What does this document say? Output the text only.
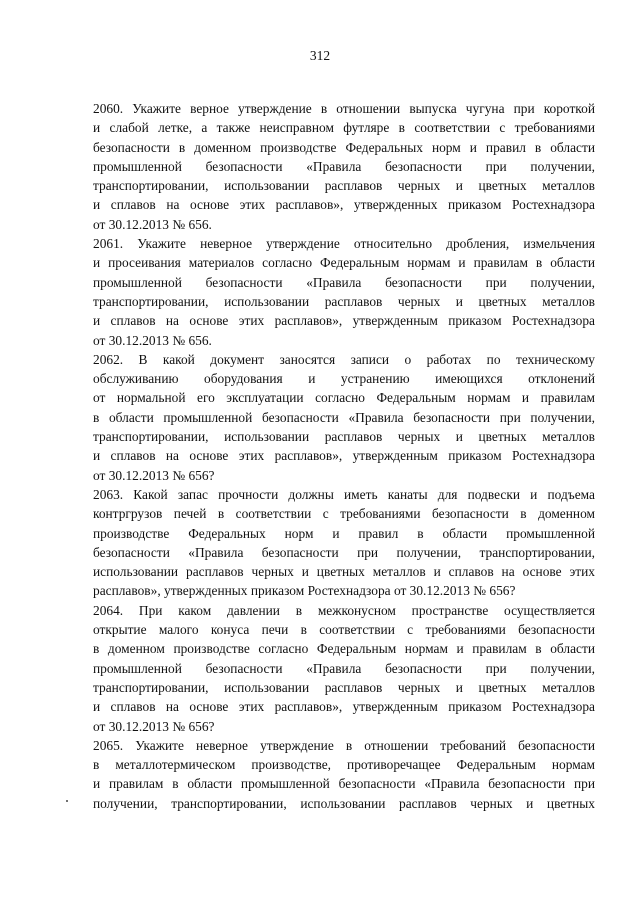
312

2060. Укажите верное утверждение в отношении выпуска чугуна при короткой
и слабой летке, а также неисправном футляре в соответствии с требованиями
безопасности в доменном производстве Федеральных норм и правил в области
промышленной безопасности «Правила безопасности при получении,
транспортировании, использовании расплавов черных и цветных металлов
и сплавов на основе этих расплавов», утвержденных приказом Ростехнадзора
от 30.12.2013 № 656.

2061. Укажите неверное утверждение относительно дробления, измельчения
и просеивания материалов согласно Федеральным нормам и правилам в области
промышленной безопасности «Правила безопасности при получении,
транспортировании, использовании расплавов черных и цветных металлов
и сплавов на основе этих расплавов», утвержденным приказом Ростехнадзора
от 30.12.2013 № 656.

2062. В какой документ заносятся записи о работах по техническому
обслуживанию оборудования и устранению имеющихся отклонений
от нормальной его эксплуатации согласно Федеральным нормам и правилам
в области промышленной безопасности «Правила безопасности при получении,
транспортировании, использовании расплавов черных и цветных металлов
и сплавов на основе этих расплавов», утвержденным приказом Ростехнадзора
от 30.12.2013 № 656?

2063. Какой запас прочности должны иметь канаты для подвески и подъема
контргрузов печей в соответствии с требованиями безопасности в доменном
производстве Федеральных норм и правил в области промышленной
безопасности «Правила безопасности при получении, транспортировании,
использовании расплавов черных и цветных металлов и сплавов на основе этих
расплавов», утвержденных приказом Ростехнадзора от 30.12.2013 № 656?

2064. При каком давлении в межконусном пространстве осуществляется
открытие малого конуса печи в соответствии с требованиями безопасности
в доменном производстве согласно Федеральным нормам и правилам в области
промышленной безопасности «Правила безопасности при получении,
транспортировании, использовании расплавов черных и цветных металлов
и сплавов на основе этих расплавов», утвержденным приказом Ростехнадзора
от 30.12.2013 № 656?

2065. Укажите неверное утверждение в отношении требований безопасности
в металлотермическом производстве, противоречащее Федеральным нормам
и правилам в области промышленной безопасности «Правила безопасности при
получении, транспортировании, использовании расплавов черных и цветных
